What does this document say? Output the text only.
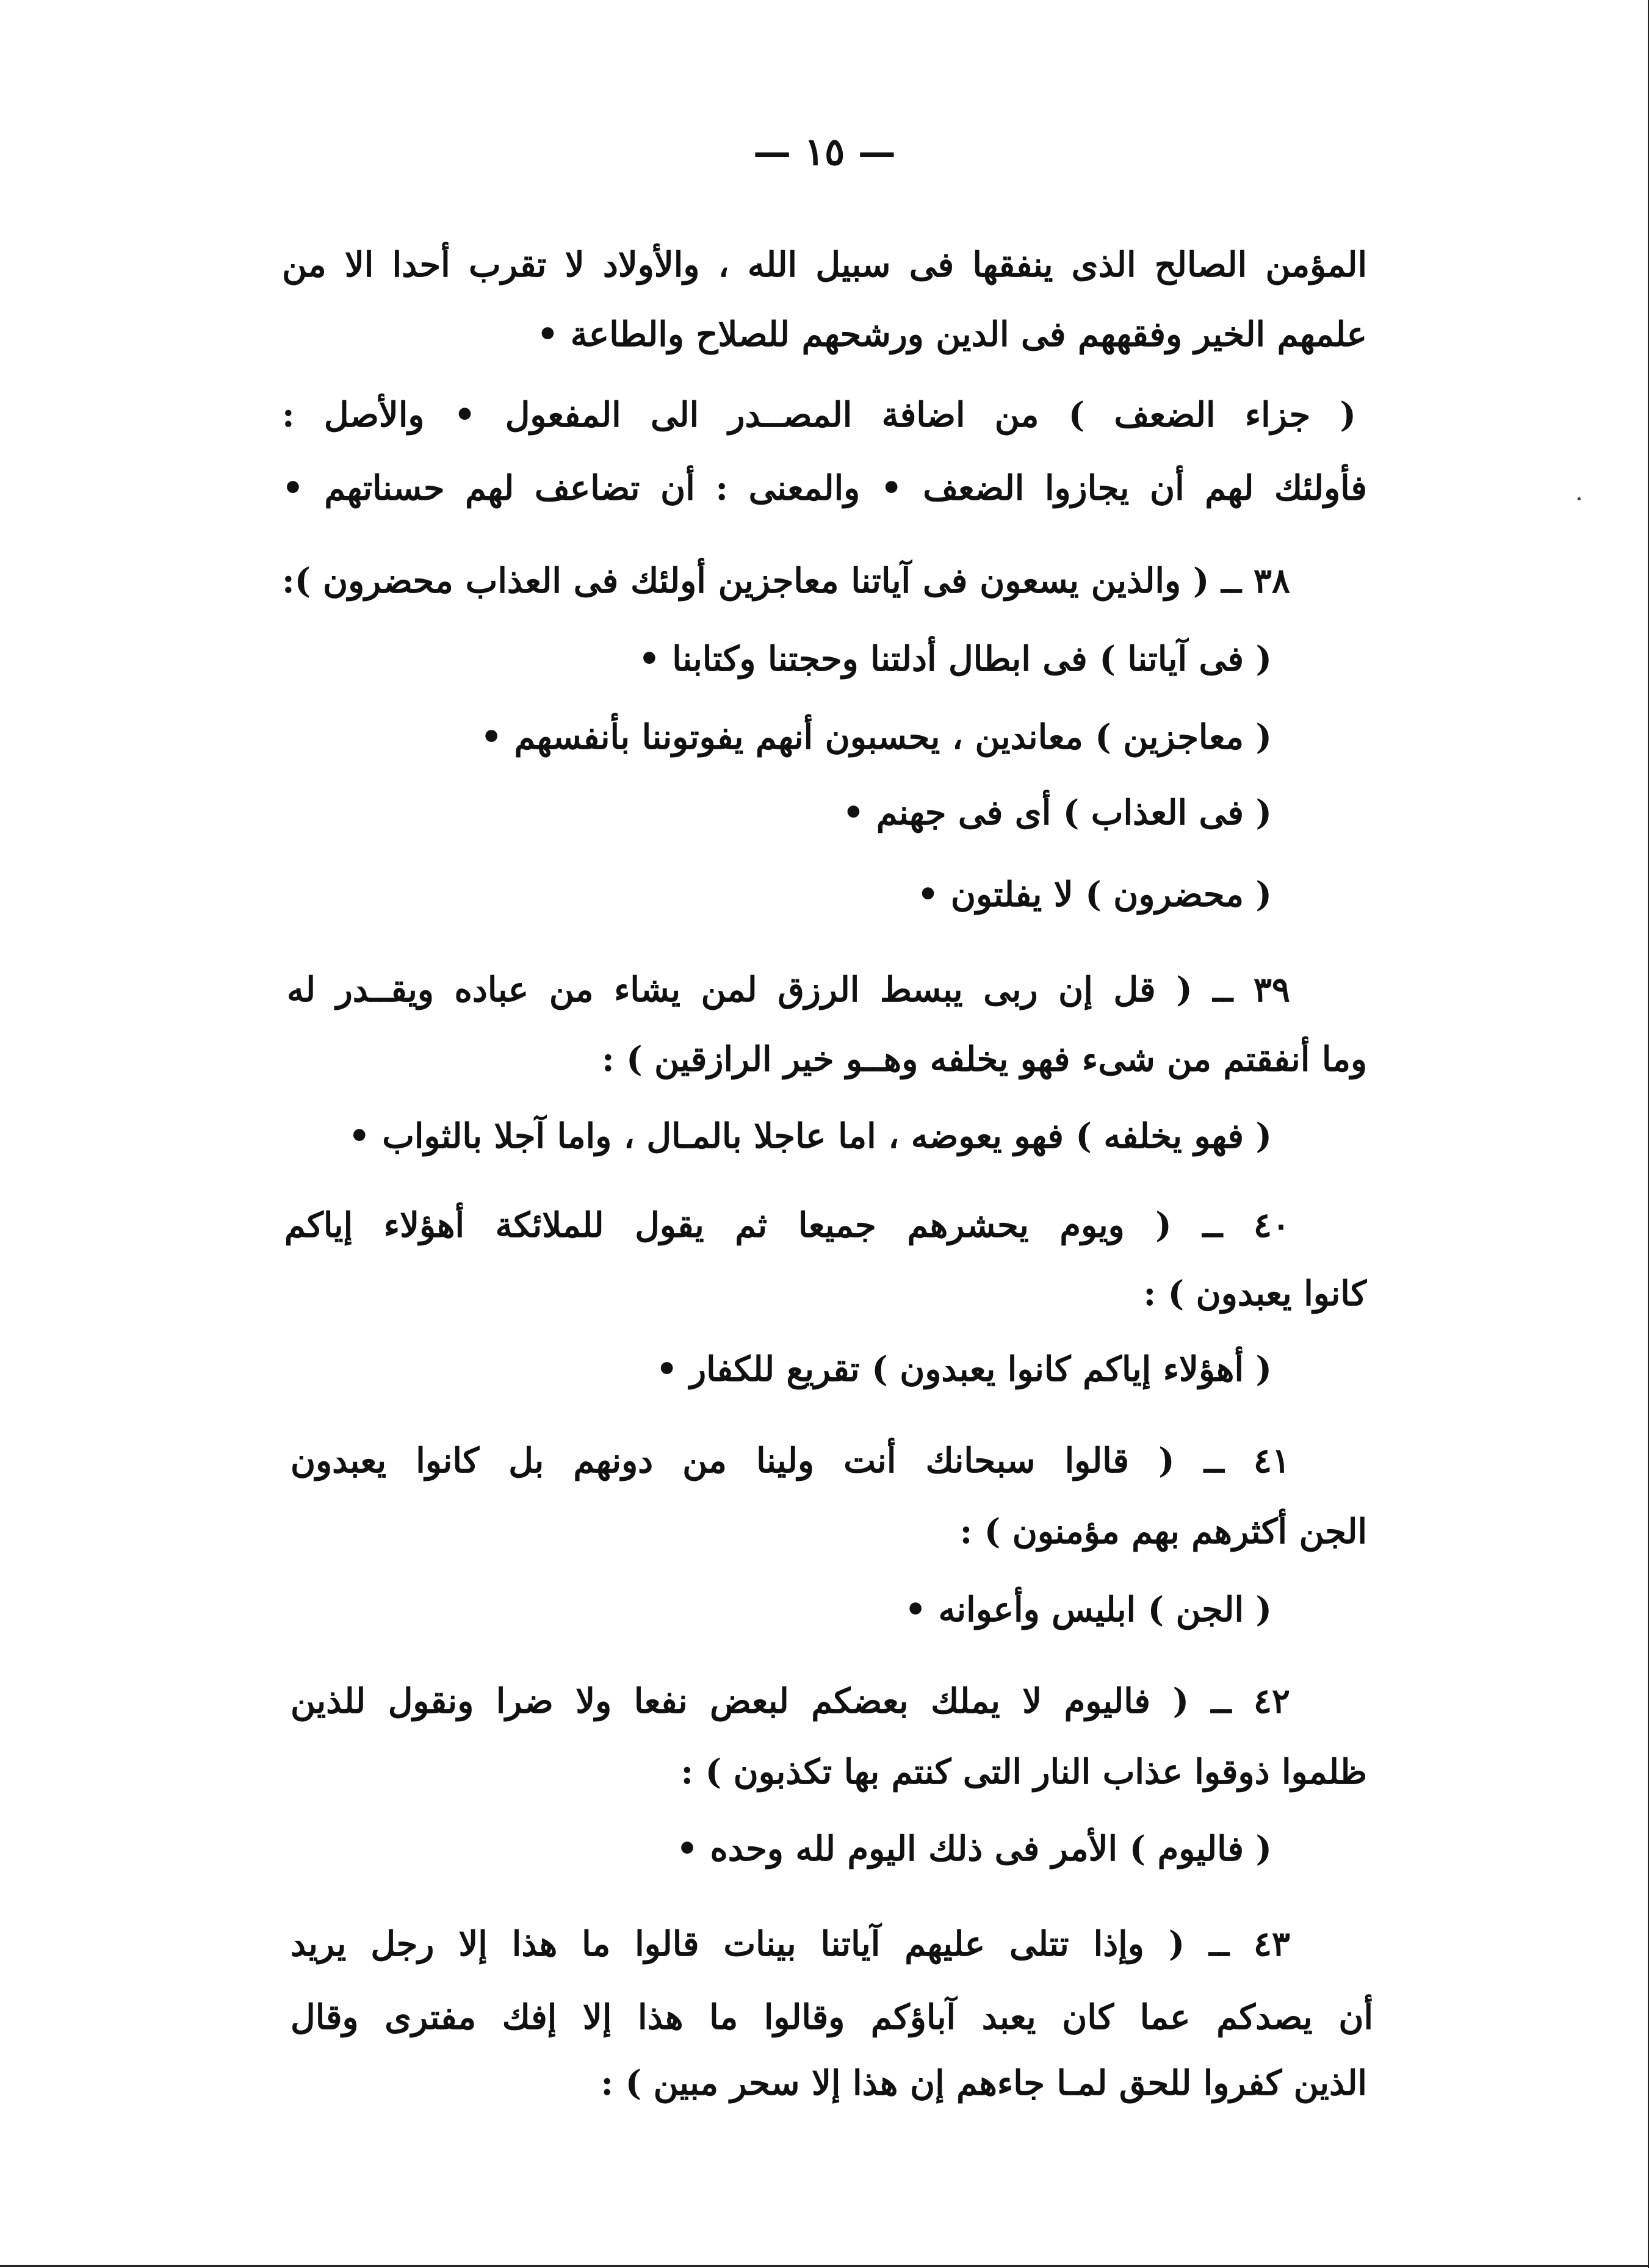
— ١٥ —
المؤمن الصالح الذى ينفقها فى سبيل الله ، والأولاد لا تقرب أحدا الا من
علمهم الخير وفقههم فى الدين ورشحهم للصلاح والطاعة •
( جزاء الضعف ) من اضافة المصــدر الى المفعول • والأصل :
فأولئك لهم أن يجازوا الضعف • والمعنى : أن تضاعف لهم حسناتهم •
٣٨ ــ ( والذين يسعون فى آياتنا معاجزين أولئك فى العذاب محضرون ):
( فى آياتنا ) فى ابطال أدلتنا وحجتنا وكتابنا •
( معاجزين ) معاندين ، يحسبون أنهم يفوتوننا بأنفسهم •
( فى العذاب ) أى فى جهنم •
( محضرون ) لا يفلتون •
٣٩ ــ ( قل إن ربى يبسط الرزق لمن يشاء من عباده ويقــدر له
وما أنفقتم من شىء فهو يخلفه وهــو خير الرازقين ) :
( فهو يخلفه ) فهو يعوضه ، اما عاجلا بالمـال ، واما آجلا بالثواب •
٤٠ ــ ( ويوم يحشرهم جميعا ثم يقول للملائكة أهؤلاء إياكم
كانوا يعبدون ) :
( أهؤلاء إياكم كانوا يعبدون ) تقريع للكفار •
٤١ ــ ( قالوا سبحانك أنت ولينا من دونهم بل كانوا يعبدون
الجن أكثرهم بهم مؤمنون ) :
( الجن ) ابليس وأعوانه •
٤٢ ــ ( فاليوم لا يملك بعضكم لبعض نفعا ولا ضرا ونقول للذين
ظلموا ذوقوا عذاب النار التى كنتم بها تكذبون ) :
( فاليوم ) الأمر فى ذلك اليوم لله وحده •
٤٣ ــ ( وإذا تتلى عليهم آياتنا بينات قالوا ما هذا إلا رجل يريد
أن يصدكم عما كان يعبد آباؤكم وقالوا ما هذا إلا إفك مفترى وقال
الذين كفروا للحق لمـا جاءهم إن هذا إلا سحر مبين ) :
